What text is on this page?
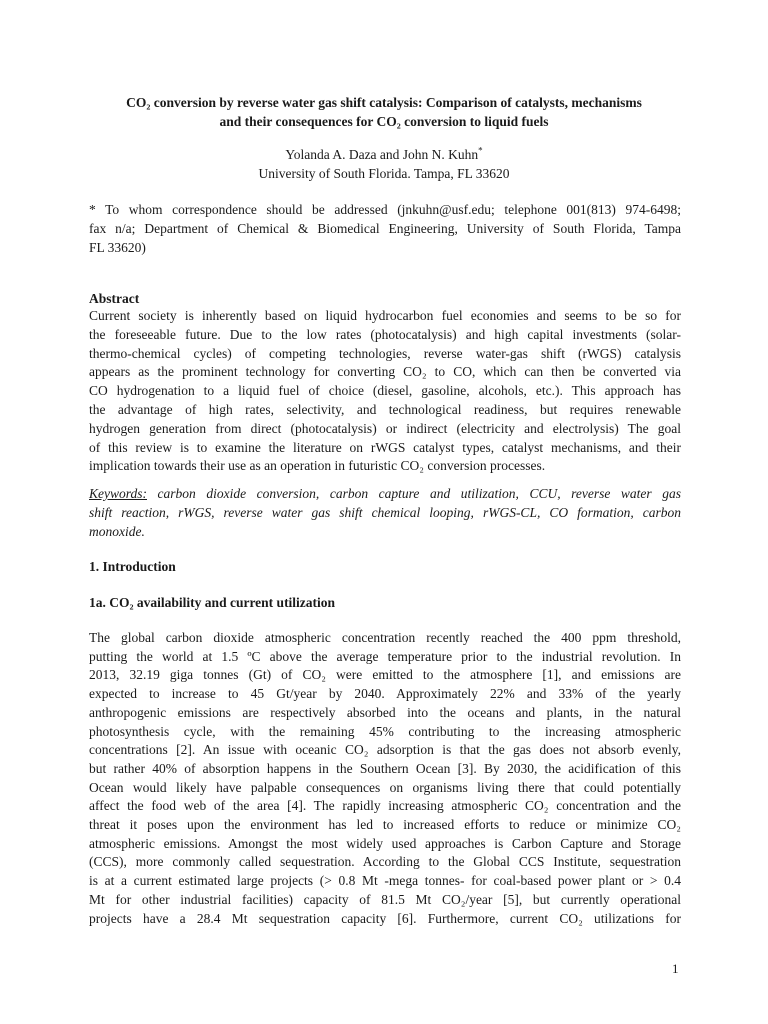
CO₂ conversion by reverse water gas shift catalysis: Comparison of catalysts, mechanisms
and their consequences for CO₂ conversion to liquid fuels
Yolanda A. Daza and John N. Kuhn*
University of South Florida. Tampa, FL 33620
* To whom correspondence should be addressed (jnkuhn@usf.edu; telephone 001(813) 974-6498;
fax n/a; Department of Chemical & Biomedical Engineering, University of South Florida, Tampa
FL 33620)
Abstract
Current society is inherently based on liquid hydrocarbon fuel economies and seems to be so for
the foreseeable future. Due to the low rates (photocatalysis) and high capital investments (solar-
thermo-chemical cycles) of competing technologies, reverse water-gas shift (rWGS) catalysis
appears as the prominent technology for converting CO₂ to CO, which can then be converted via
CO hydrogenation to a liquid fuel of choice (diesel, gasoline, alcohols, etc.). This approach has
the advantage of high rates, selectivity, and technological readiness, but requires renewable
hydrogen generation from direct (photocatalysis) or indirect (electricity and electrolysis) The goal
of this review is to examine the literature on rWGS catalyst types, catalyst mechanisms, and their
implication towards their use as an operation in futuristic CO₂ conversion processes.
Keywords: carbon dioxide conversion, carbon capture and utilization, CCU, reverse water gas
shift reaction, rWGS, reverse water gas shift chemical looping, rWGS-CL, CO formation, carbon
monoxide.
1. Introduction
1a. CO₂ availability and current utilization
The global carbon dioxide atmospheric concentration recently reached the 400 ppm threshold,
putting the world at 1.5 ºC above the average temperature prior to the industrial revolution. In
2013, 32.19 giga tonnes (Gt) of CO₂ were emitted to the atmosphere [1], and emissions are
expected to increase to 45 Gt/year by 2040. Approximately 22% and 33% of the yearly
anthropogenic emissions are respectively absorbed into the oceans and plants, in the natural
photosynthesis cycle, with the remaining 45% contributing to the increasing atmospheric
concentrations [2]. An issue with oceanic CO₂ adsorption is that the gas does not absorb evenly,
but rather 40% of absorption happens in the Southern Ocean [3]. By 2030, the acidification of this
Ocean would likely have palpable consequences on organisms living there that could potentially
affect the food web of the area [4]. The rapidly increasing atmospheric CO₂ concentration and the
threat it poses upon the environment has led to increased efforts to reduce or minimize CO₂
atmospheric emissions. Amongst the most widely used approaches is Carbon Capture and Storage
(CCS), more commonly called sequestration. According to the Global CCS Institute, sequestration
is at a current estimated large projects (> 0.8 Mt -mega tonnes- for coal-based power plant or > 0.4
Mt for other industrial facilities) capacity of 81.5 Mt CO₂/year [5], but currently operational
projects have a 28.4 Mt sequestration capacity [6]. Furthermore, current CO₂ utilizations for
1
